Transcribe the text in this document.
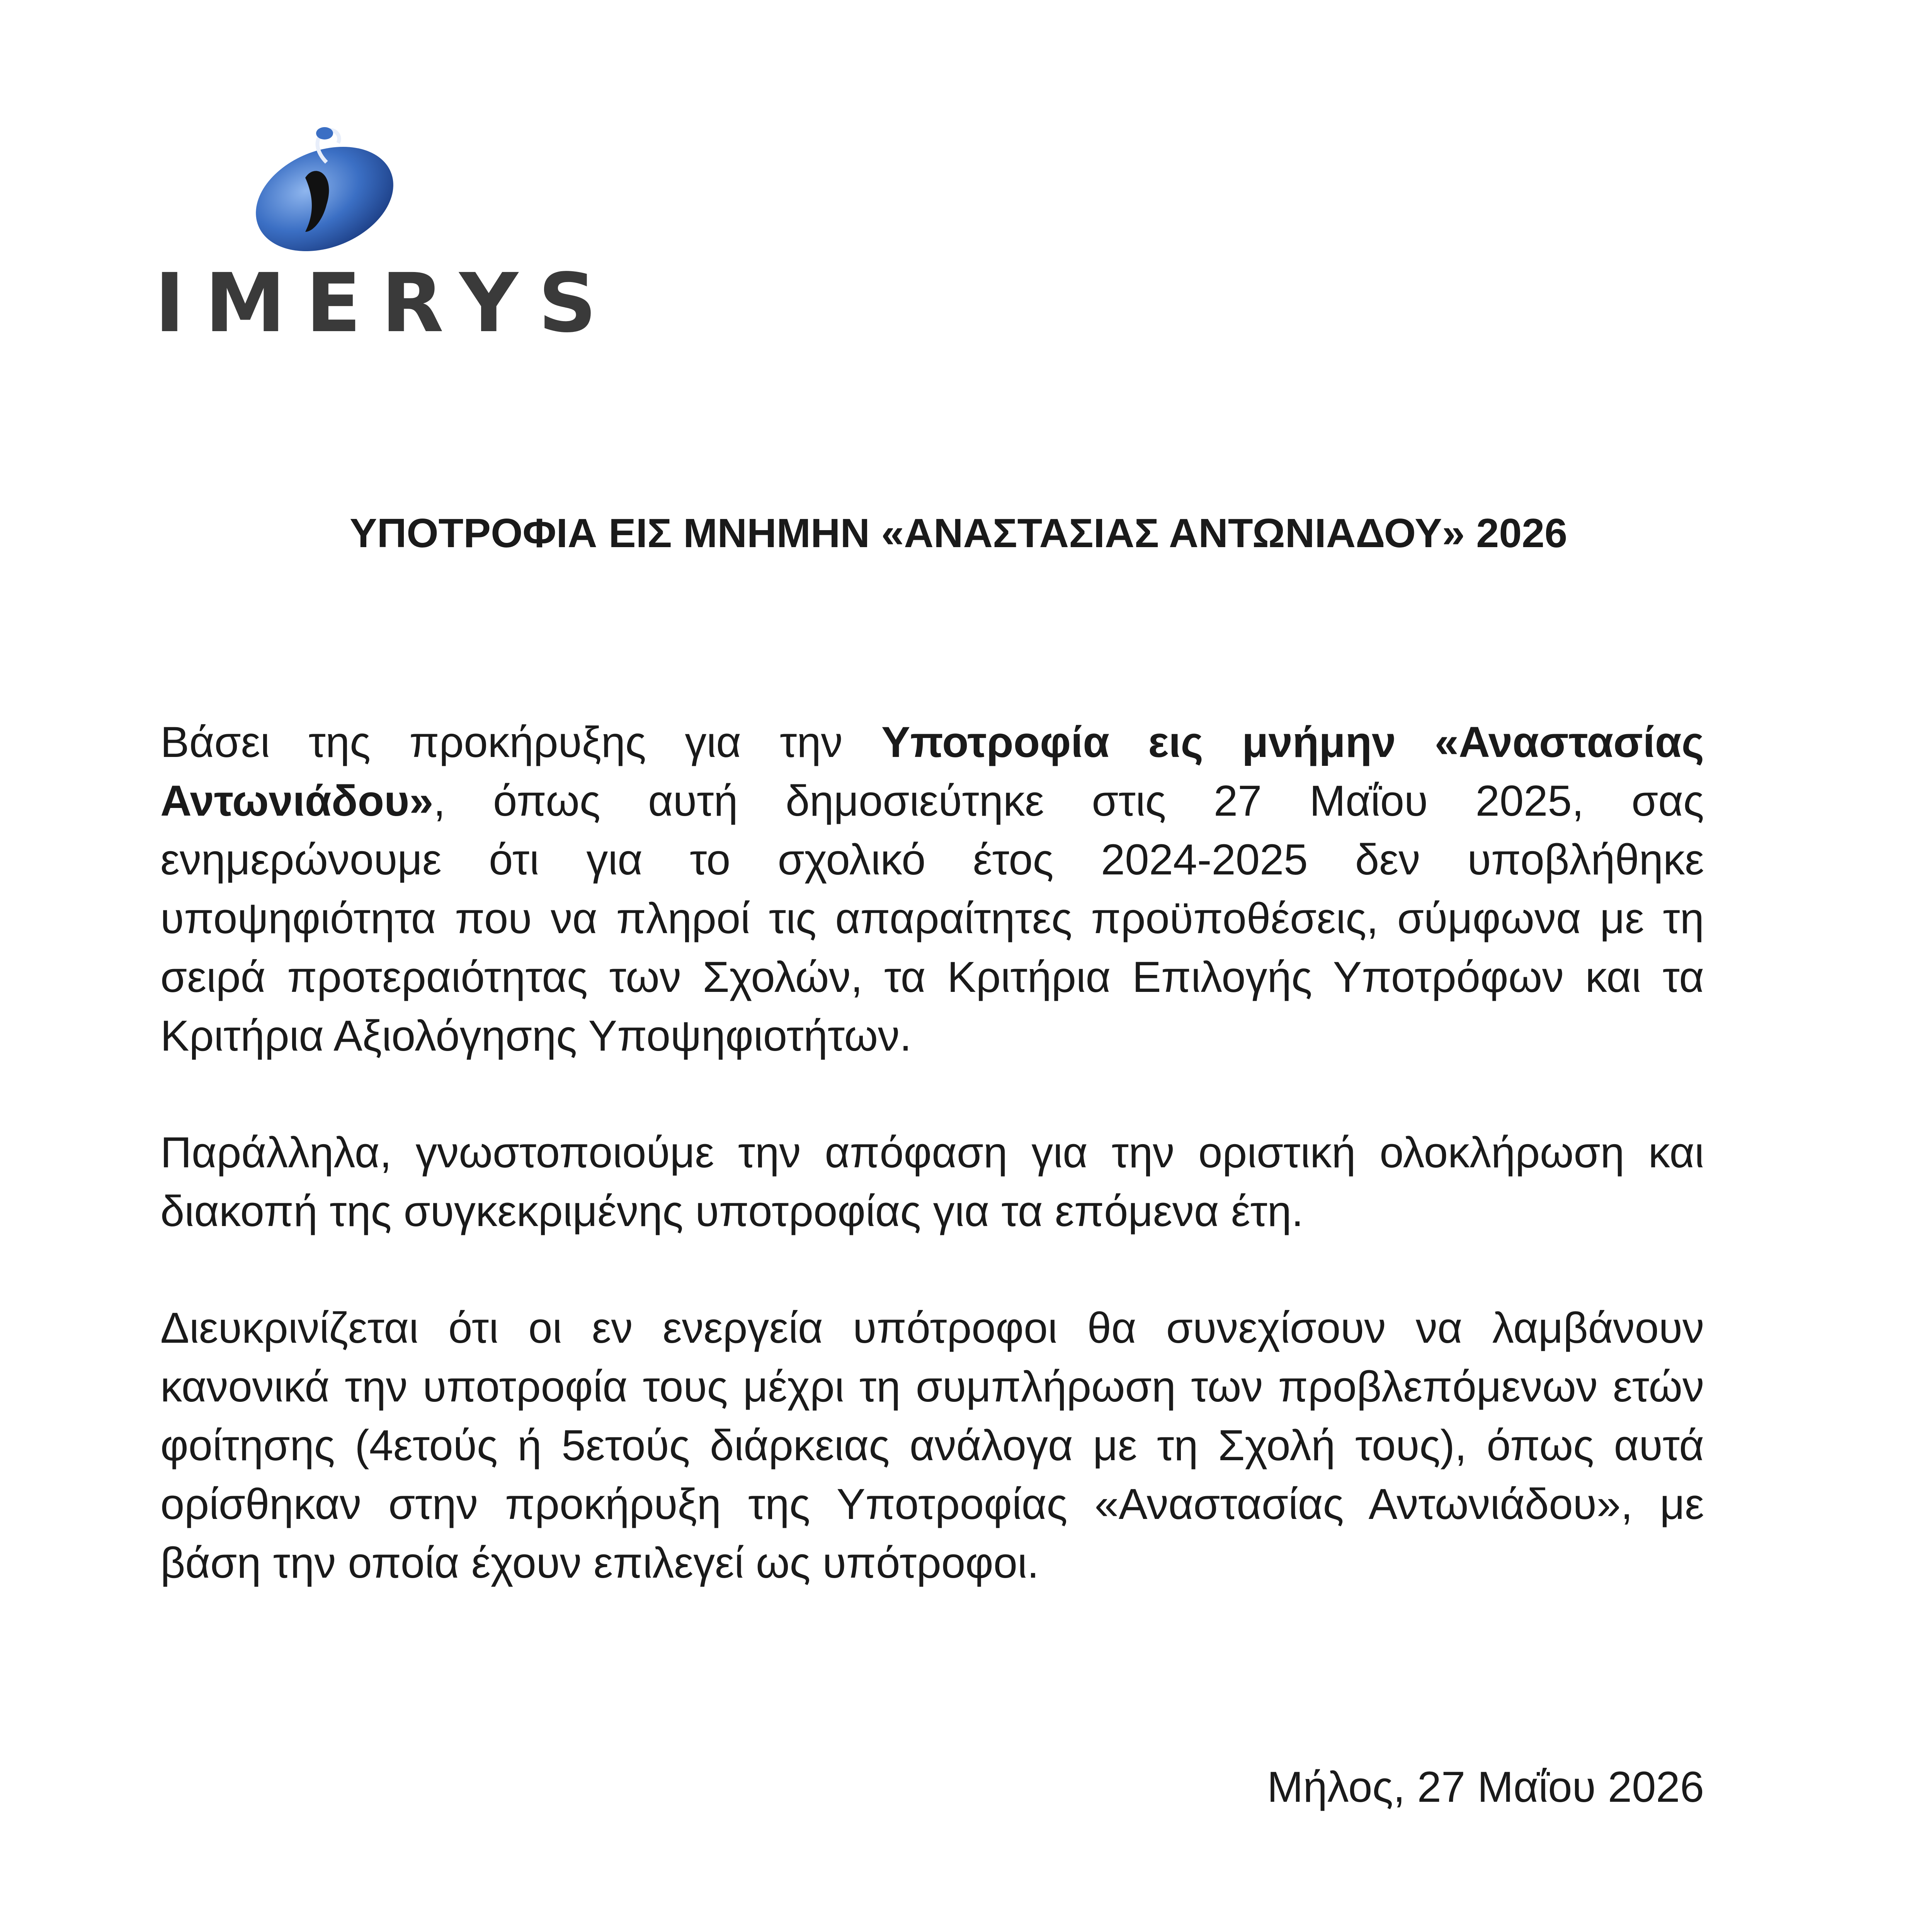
IMERYS
ΥΠΟΤΡΟΦΙΑ ΕΙΣ ΜΝΗΜΗΝ «ΑΝΑΣΤΑΣΙΑΣ ΑΝΤΩΝΙΑΔΟΥ» 2026

Βάσει της προκήρυξης για την Υποτροφία εις μνήμην «Αναστασίας Αντωνιάδου», όπως αυτή δημοσιεύτηκε στις 27 Μαΐου 2025, σας ενημερώνουμε ότι για το σχολικό έτος 2024-2025 δεν υποβλήθηκε υποψηφιότητα που να πληροί τις απαραίτητες προϋποθέσεις, σύμφωνα με τη σειρά προτεραιότητας των Σχολών, τα Κριτήρια Επιλογής Υποτρόφων και τα Κριτήρια Αξιολόγησης Υποψηφιοτήτων.

Παράλληλα, γνωστοποιούμε την απόφαση για την οριστική ολοκλήρωση και διακοπή της συγκεκριμένης υποτροφίας για τα επόμενα έτη.

Διευκρινίζεται ότι οι εν ενεργεία υπότροφοι θα συνεχίσουν να λαμβάνουν κανονικά την υποτροφία τους μέχρι τη συμπλήρωση των προβλεπόμενων ετών φοίτησης (4ετούς ή 5ετούς διάρκειας ανάλογα με τη Σχολή τους), όπως αυτά ορίσθηκαν στην προκήρυξη της Υποτροφίας «Αναστασίας Αντωνιάδου», με βάση την οποία έχουν επιλεγεί ως υπότροφοι.

Μήλος, 27 Μαΐου 2026
